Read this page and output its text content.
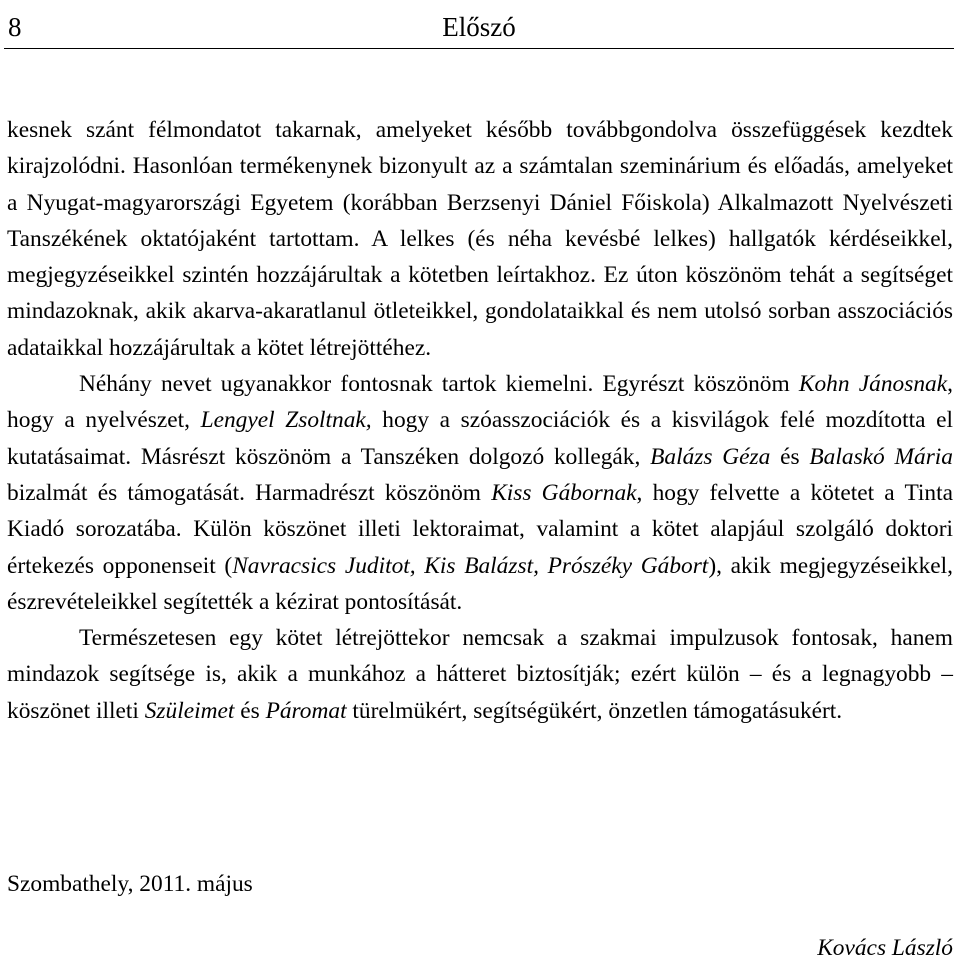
8	Előszó

kesnek szánt félmondatot takarnak, amelyeket később továbbgondolva összefüggések kezdtek kirajzolódni. Hasonlóan termékenynek bizonyult az a számtalan szeminárium és előadás, amelyeket a Nyugat-magyarországi Egyetem (korábban Berzsenyi Dániel Főiskola) Alkalmazott Nyelvészeti Tanszékének oktatójaként tartottam. A lelkes (és néha kevésbé lelkes) hallgatók kérdéseikkel, megjegyzéseikkel szintén hozzájárultak a kötetben leírtakhoz. Ez úton köszönöm tehát a segítséget mindazoknak, akik akarva-akaratlanul ötleteikkel, gondolataikkal és nem utolsó sorban asszociációs adataikkal hozzájárultak a kötet létrejöttéhez.

Néhány nevet ugyanakkor fontosnak tartok kiemelni. Egyrészt köszönöm Kohn Jánosnak, hogy a nyelvészet, Lengyel Zsoltnak, hogy a szóasszociációk és a kisvilágok felé mozdította el kutatásaimat. Másrészt köszönöm a Tanszéken dolgozó kollegák, Balázs Géza és Balaskó Mária bizalmát és támogatását. Harmadrészt köszönöm Kiss Gábornak, hogy felvette a kötetet a Tinta Kiadó sorozatába. Külön köszönet illeti lektoraimat, valamint a kötet alapjául szolgáló doktori értekezés opponenseit (Navracsics Juditot, Kis Balázst, Prószéky Gábort), akik megjegyzéseikkel, észrevételeikkel segítették a kézirat pontosítását.

Természetesen egy kötet létrejöttekor nemcsak a szakmai impulzusok fontosak, hanem mindazok segítsége is, akik a munkához a hátteret biztosítják; ezért külön – és a legnagyobb – köszönet illeti Szüleimet és Páromat türelmükért, segítségükért, önzetlen támogatásukért.

Szombathely, 2011. május
Kovács László
